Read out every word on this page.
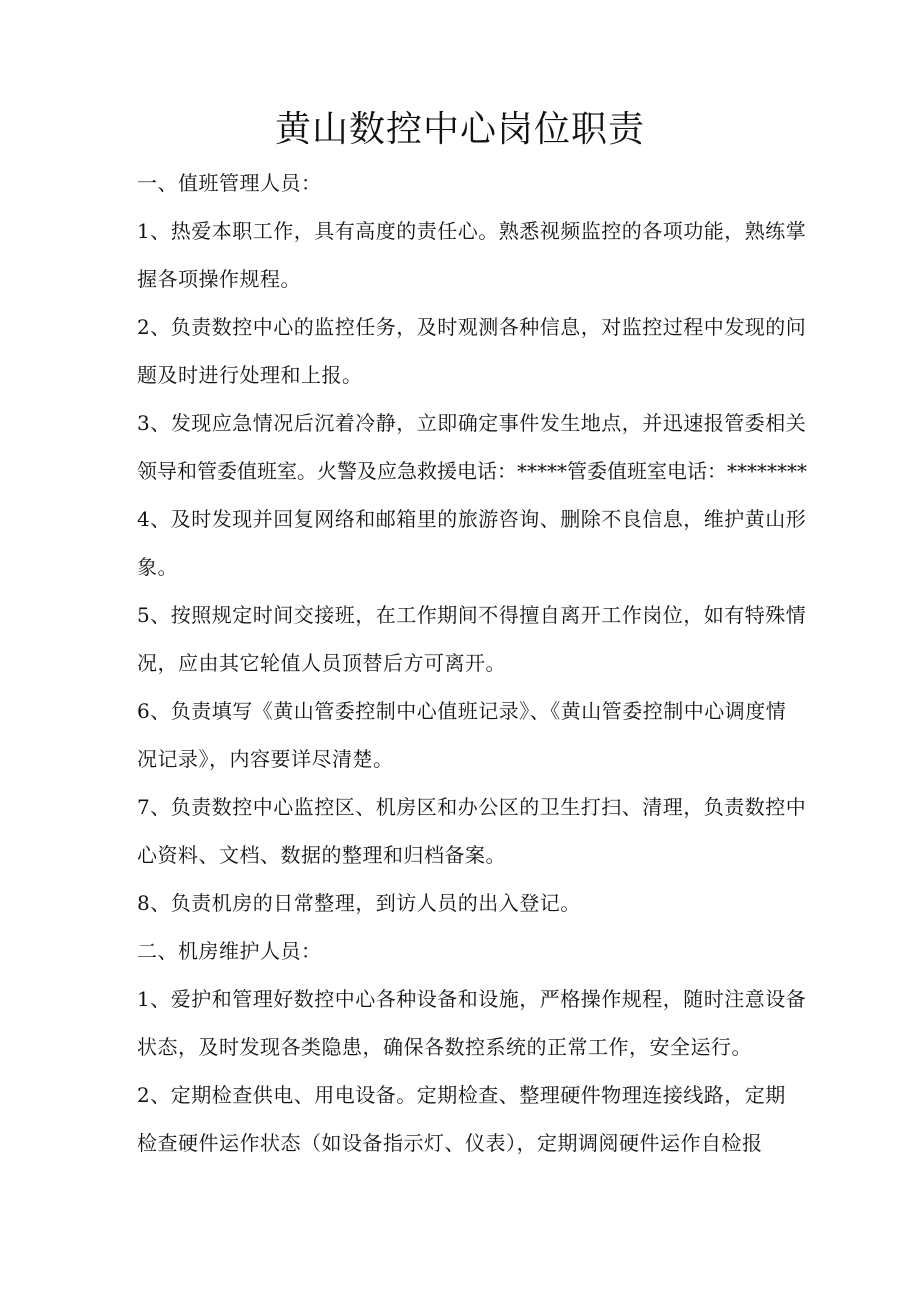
黄山数控中心岗位职责
一、值班管理人员：
1、热爱本职工作，具有高度的责任心。熟悉视频监控的各项功能，熟练掌
握各项操作规程。
2、负责数控中心的监控任务，及时观测各种信息，对监控过程中发现的问
题及时进行处理和上报。
3、发现应急情况后沉着冷静，立即确定事件发生地点，并迅速报管委相关
领导和管委值班室。火警及应急救援电话：*****管委值班室电话：********
4、及时发现并回复网络和邮箱里的旅游咨询、删除不良信息，维护黄山形
象。
5、按照规定时间交接班，在工作期间不得擅自离开工作岗位，如有特殊情
况，应由其它轮值人员顶替后方可离开。
6、负责填写《黄山管委控制中心值班记录》、《黄山管委控制中心调度情
况记录》，内容要详尽清楚。
7、负责数控中心监控区、机房区和办公区的卫生打扫、清理，负责数控中
心资料、文档、数据的整理和归档备案。
8、负责机房的日常整理，到访人员的出入登记。
二、机房维护人员：
1、爱护和管理好数控中心各种设备和设施，严格操作规程，随时注意设备
状态，及时发现各类隐患，确保各数控系统的正常工作，安全运行。
2、定期检查供电、用电设备。定期检查、整理硬件物理连接线路，定期
检查硬件运作状态（如设备指示灯、仪表），定期调阅硬件运作自检报
